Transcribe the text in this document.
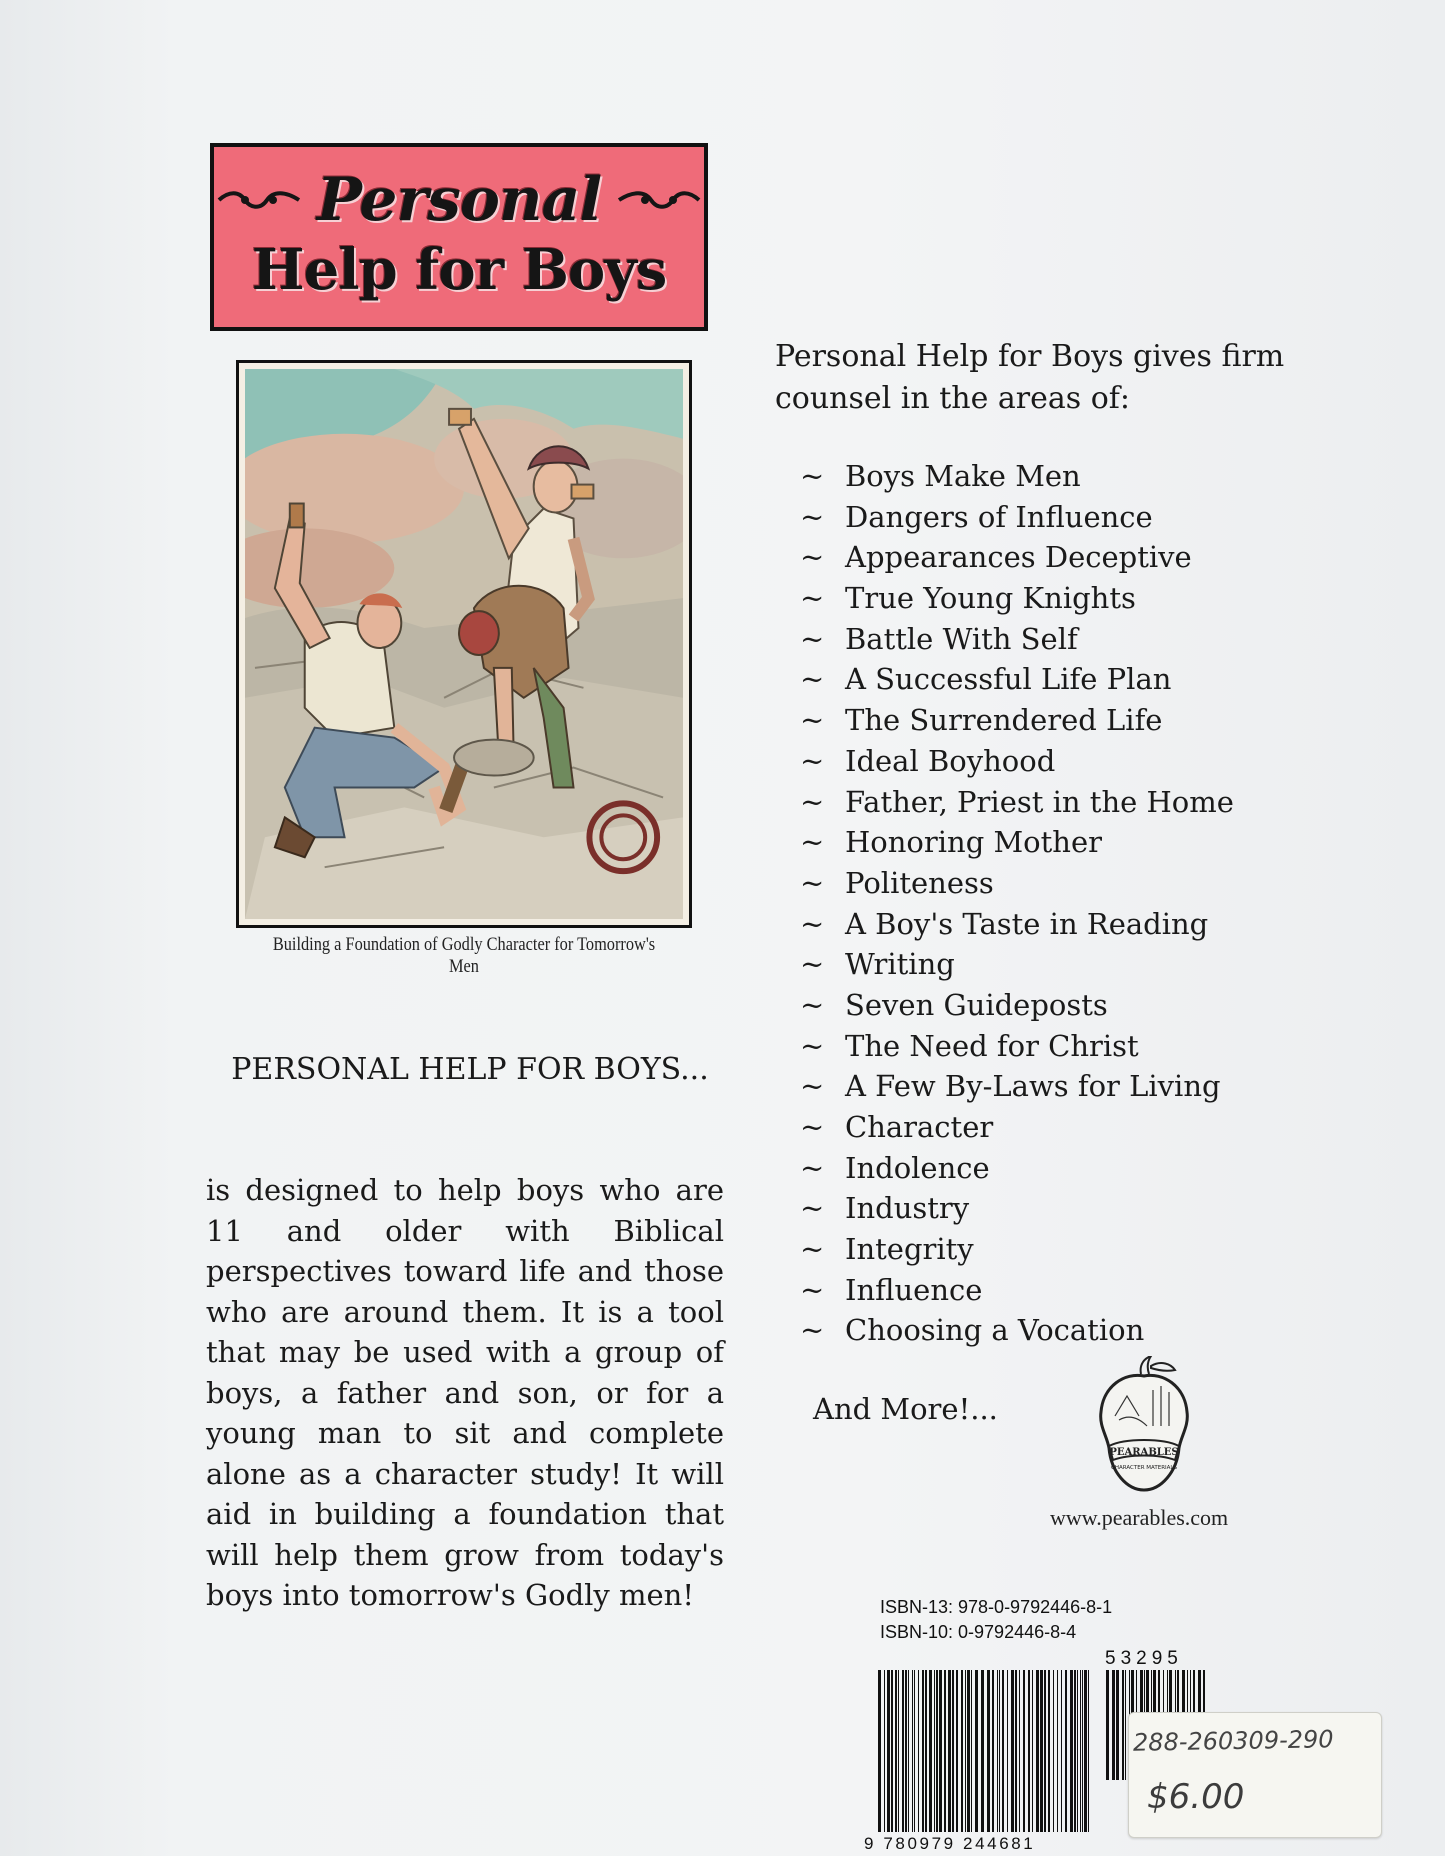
Personal
Help for Boys
Building a Foundation of Godly Character for Tomorrow's Men
PERSONAL HELP FOR BOYS...
is designed to help boys who are 11 and older with Biblical perspectives toward life and those who are around them. It is a tool that may be used with a group of boys, a father and son, or for a young man to sit and complete alone as a character study! It will aid in building a foundation that will help them grow from today's boys into tomorrow's Godly men!
Personal Help for Boys gives firm counsel in the areas of:
~ Boys Make Men
~ Dangers of Influence
~ Appearances Deceptive
~ True Young Knights
~ Battle With Self
~ A Successful Life Plan
~ The Surrendered Life
~ Ideal Boyhood
~ Father, Priest in the Home
~ Honoring Mother
~ Politeness
~ A Boy's Taste in Reading
~ Writing
~ Seven Guideposts
~ The Need for Christ
~ A Few By-Laws for Living
~ Character
~ Indolence
~ Industry
~ Integrity
~ Influence
~ Choosing a Vocation
And More!...
PEARABLES
CHARACTER MATERIALS
www.pearables.com
ISBN-13: 978-0-9792446-8-1
ISBN-10: 0-9792446-8-4
53295
9 780979 244681
288-260309-290
$6.00
